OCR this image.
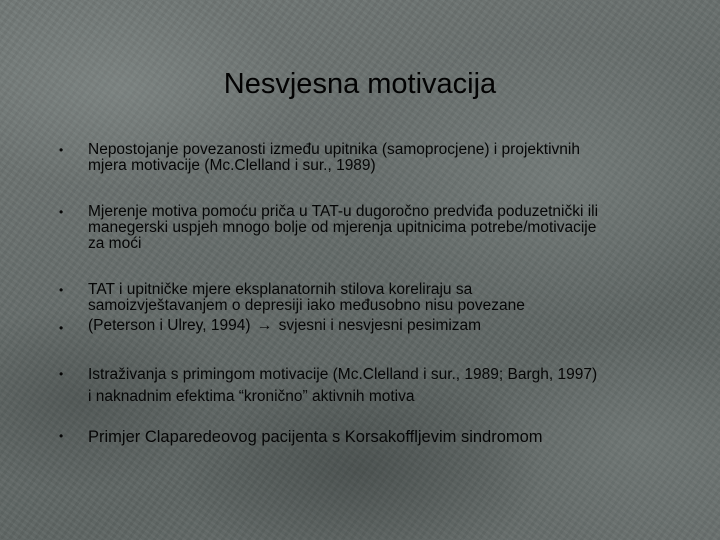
Nesvjesna motivacija
• Nepostojanje povezanosti između upitnika (samoprocjene) i projektivnih
mjera motivacije (Mc.Clelland i sur., 1989)
• Mjerenje motiva pomoću priča u TAT-u dugoročno predviđa poduzetnički ili
manegerski uspjeh mnogo bolje od mjerenja upitnicima potrebe/motivacije
za moći
• TAT i upitničke mjere eksplanatornih stilova koreliraju sa
samoizvještavanjem o depresiji iako međusobno nisu povezane
• (Peterson i Ulrey, 1994) → svjesni i nesvjesni pesimizam
• Istraživanja s primingom motivacije (Mc.Clelland i sur., 1989; Bargh, 1997)
i naknadnim efektima “kronično” aktivnih motiva
• Primjer Claparedeovog pacijenta s Korsakoffljevim sindromom
